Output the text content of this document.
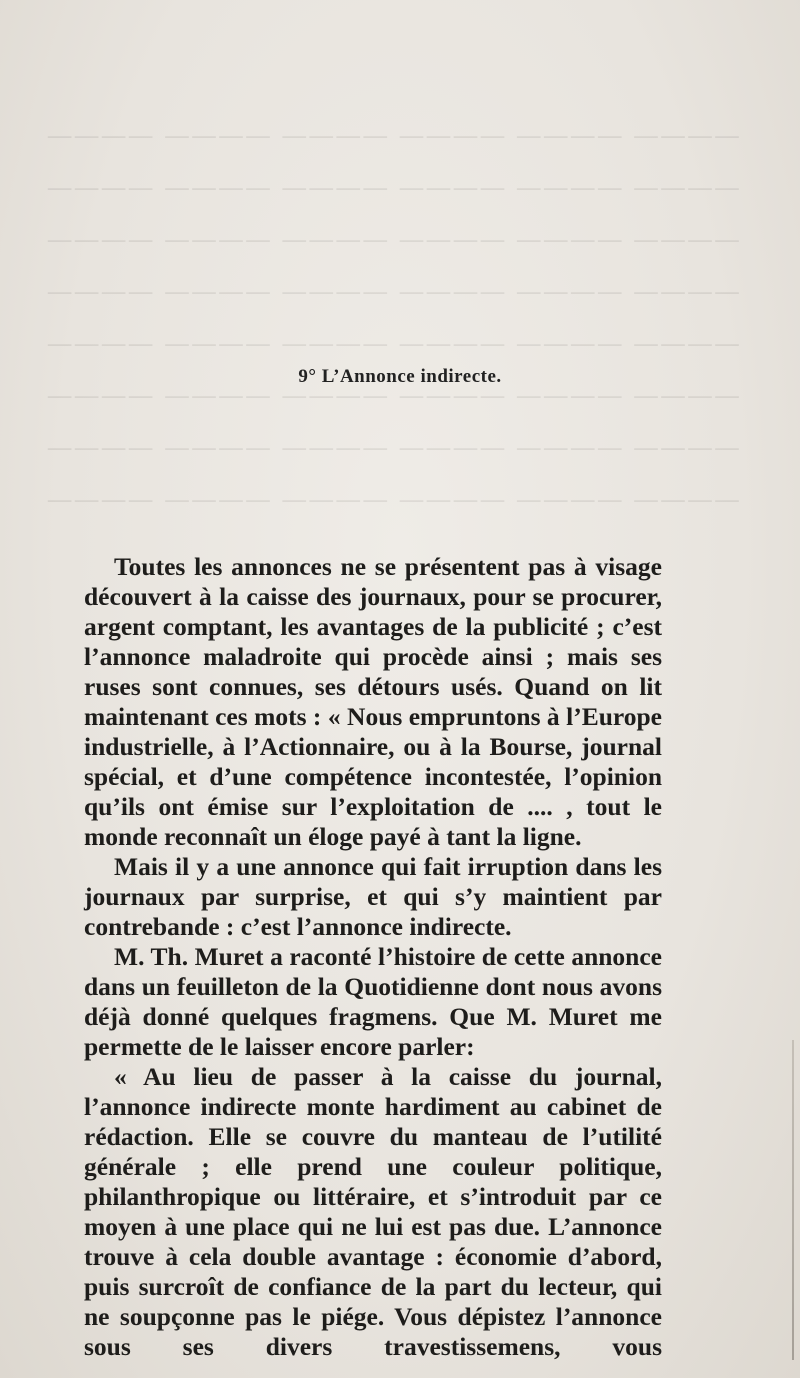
———— ———— ———— ———— ———— ————
———— ———— ———— ———— ———— ————
———— ———— ———— ———— ———— ————
———— ———— ———— ———— ———— ————
———— ———— ———— ———— ———— ————
———— ———— ———— ———— ———— ————
———— ———— ———— ———— ———— ————
———— ———— ———— ———— ———— ————
9° L’Annonce indirecte.

Toutes les annonces ne se présentent pas à visage découvert à la caisse des journaux, pour se procurer, argent comptant, les avantages de la publicité ; c’est l’annonce maladroite qui procède ainsi ; mais ses ruses sont connues, ses détours usés. Quand on lit maintenant ces mots : « Nous empruntons à l’Europe industrielle, à l’Actionnaire, ou à la Bourse, journal spécial, et d’une compétence incontestée, l’opinion qu’ils ont émise sur l’exploitation de .... , tout le monde reconnaît un éloge payé à tant la ligne.

Mais il y a une annonce qui fait irruption dans les journaux par surprise, et qui s’y maintient par contrebande : c’est l’annonce indirecte.

M. Th. Muret a raconté l’histoire de cette annonce dans un feuilleton de la Quotidienne dont nous avons déjà donné quelques fragmens. Que M. Muret me permette de le laisser encore parler:

« Au lieu de passer à la caisse du journal, l’annonce indirecte monte hardiment au cabinet de rédaction. Elle se couvre du manteau de l’utilité générale ; elle prend une couleur politique, philanthropique ou littéraire, et s’introduit par ce moyen à une place qui ne lui est pas due. L’annonce trouve à cela double avantage : économie d’abord, puis surcroît de confiance de la part du lecteur, qui ne soupçonne pas le piége. Vous dépistez l’annonce sous ses divers travestissemens, vous
